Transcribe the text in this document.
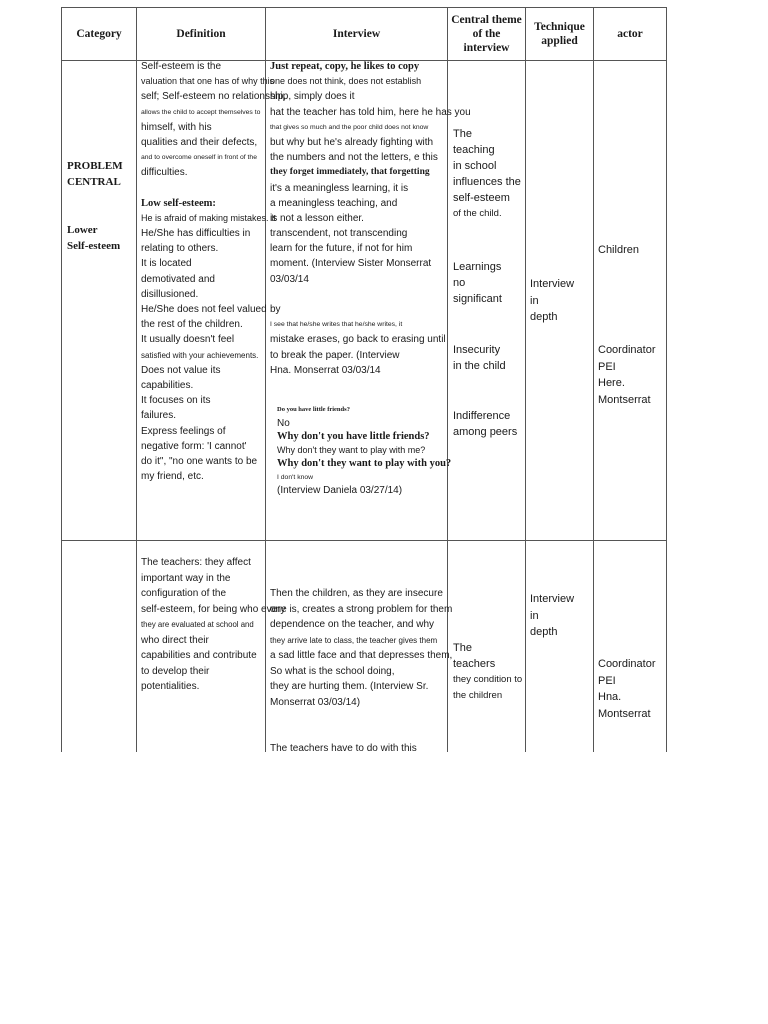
Category	Definition	Interview
Central theme
of the
interview
Technique
applied
actor
PROBLEM
CENTRAL
Lower
Self-esteem
Self-esteem is the
valuation that one has of why this
self; Self-esteem no relationship,
allows the child to accept themselves to
himself, with his
qualities and their defects,
and to overcome oneself in front of the
difficulties.
Low self-esteem:
He is afraid of making mistakes. It
He/She has difficulties in
relating to others.
It is located
demotivated and
disillusioned.
He/She does not feel valued
the rest of the children.
It usually doesn't feel
satisfied with your achievements.
Does not value its
capabilities.
It focuses on its
failures.
Express feelings of
negative form: 'I cannot'
do it", "no one wants to be
my friend, etc.
Just repeat, copy, he likes to copy
one does not think, does not establish
ship, simply does it
hat the teacher has told him, here he has you
that gives so much and the poor child does not know
but why but he's already fighting with
the numbers and not the letters, e this
they forget immediately, that forgetting
it's a meaningless learning, it is
a meaningless teaching, and
is not a lesson either.
transcendent, not transcending
learn for the future, if not for him
moment. (Interview Sister Monserrat
03/03/14
by
I see that he/she writes that he/she writes, it
mistake erases, go back to erasing until
to break the paper. (Interview
Hna. Monserrat 03/03/14
Do you have little friends?
No
Why don't you have little friends?
Why don't they want to play with me?
Why don't they want to play with you?
I don't know
(Interview Daniela 03/27/14)
The
teaching
in school
influences the
self-esteem
of the child.
Learnings
no
significant
Insecurity
in the child
Indifference
among peers
Interview
in
depth
Children
Coordinator
PEI
Here.
Montserrat
The teachers: they affect
important way in the
configuration of the
self-esteem, for being who every
they are evaluated at school and
who direct their
capabilities and contribute
to develop their
potentialities.
Then the children, as they are insecure
one is, creates a strong problem for them
dependence on the teacher, and why
they arrive late to class, the teacher gives them
a sad little face and that depresses them,
So what is the school doing,
they are hurting them. (Interview Sr.
Monserrat 03/03/14)
The teachers have to do with this
The
teachers
they condition to
the children
Interview
in
depth
Coordinator
PEI
Hna.
Montserrat
